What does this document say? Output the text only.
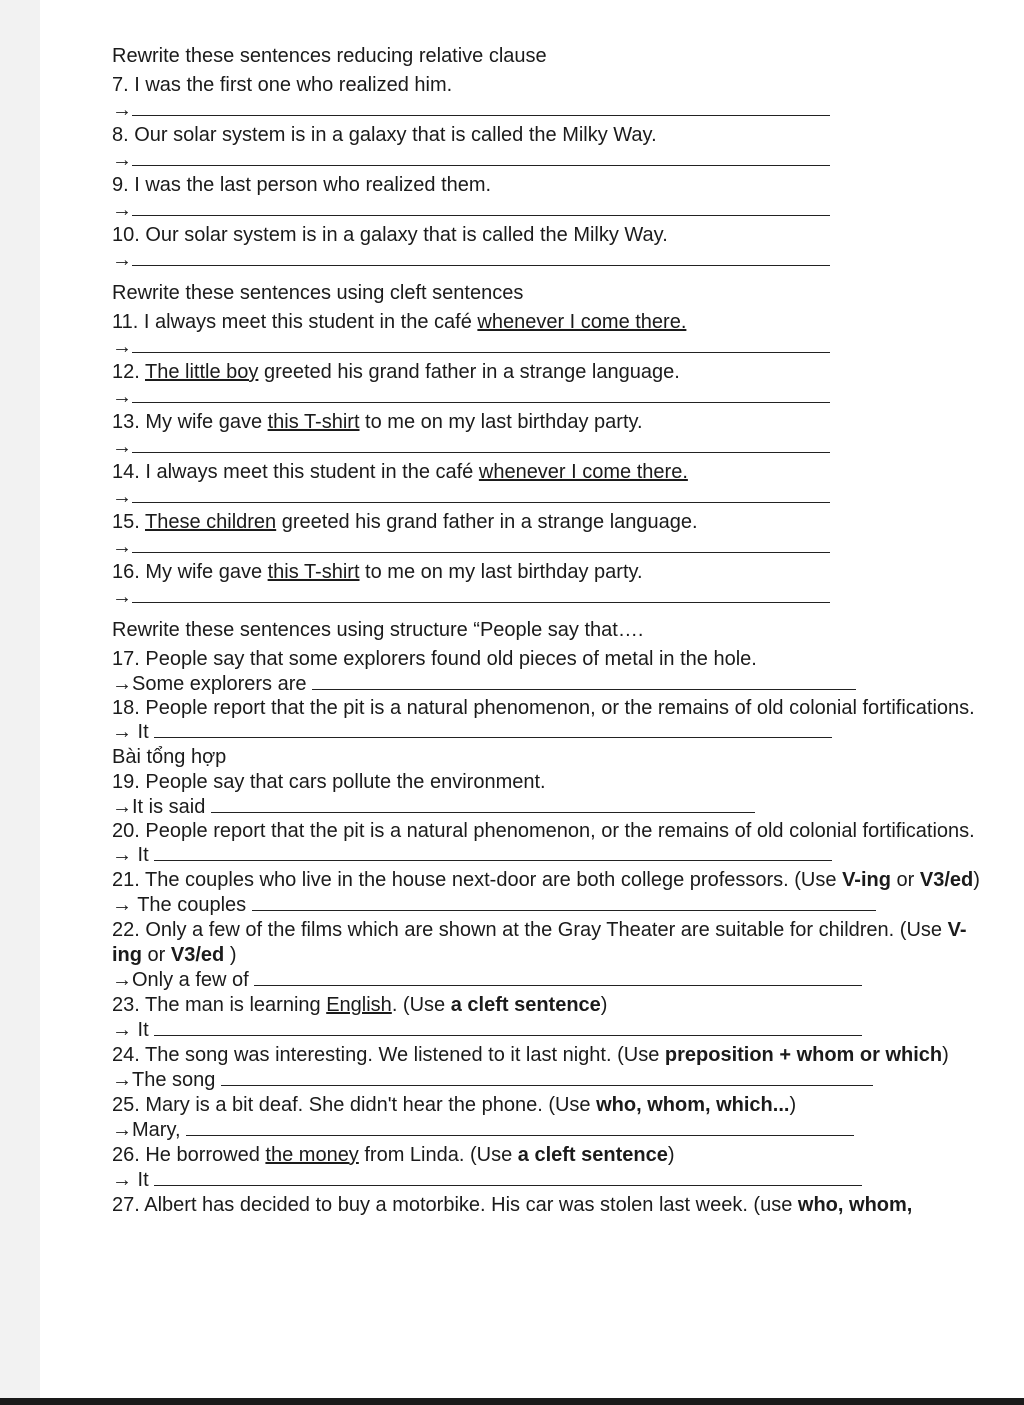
Rewrite these sentences reducing relative clause
7. I was the first one who realized him.
→
8. Our solar system is in a galaxy that is called the Milky Way.
→
9. I was the last person who realized them.
→
10. Our solar system is in a galaxy that is called the Milky Way.
→
Rewrite these sentences using cleft sentences
11. I always meet this student in the café whenever I come there.
→
12. The little boy greeted his grand father in a strange language.
→
13. My wife gave this T-shirt to me on my last birthday party.
→
14. I always meet this student in the café whenever I come there.
→
15. These children greeted his grand father in a strange language.
→
16. My wife gave this T-shirt to me on my last birthday party.
→
Rewrite these sentences using structure “People say that….
17. People say that some explorers found old pieces of metal in the hole.
→Some explorers are
18. People report that the pit is a natural phenomenon, or the remains of old colonial fortifications.
→ It
Bài tổng hợp
19. People say that cars pollute the environment.
→It is said
20. People report that the pit is a natural phenomenon, or the remains of old colonial fortifications.
→ It
21. The couples who live in the house next-door are both college professors. (Use V-ing or V3/ed)
→ The couples
22. Only a few of the films which are shown at the Gray Theater are suitable for children. (Use V-ing or V3/ed )
→Only a few of
23. The man is learning English. (Use a cleft sentence)
→ It
24. The song was interesting. We listened to it last night. (Use preposition + whom or which)
→The song
25. Mary is a bit deaf. She didn't hear the phone. (Use who, whom, which...)
→Mary,
26. He borrowed the money from Linda. (Use a cleft sentence)
→ It
27. Albert has decided to buy a motorbike. His car was stolen last week. (use who, whom,
